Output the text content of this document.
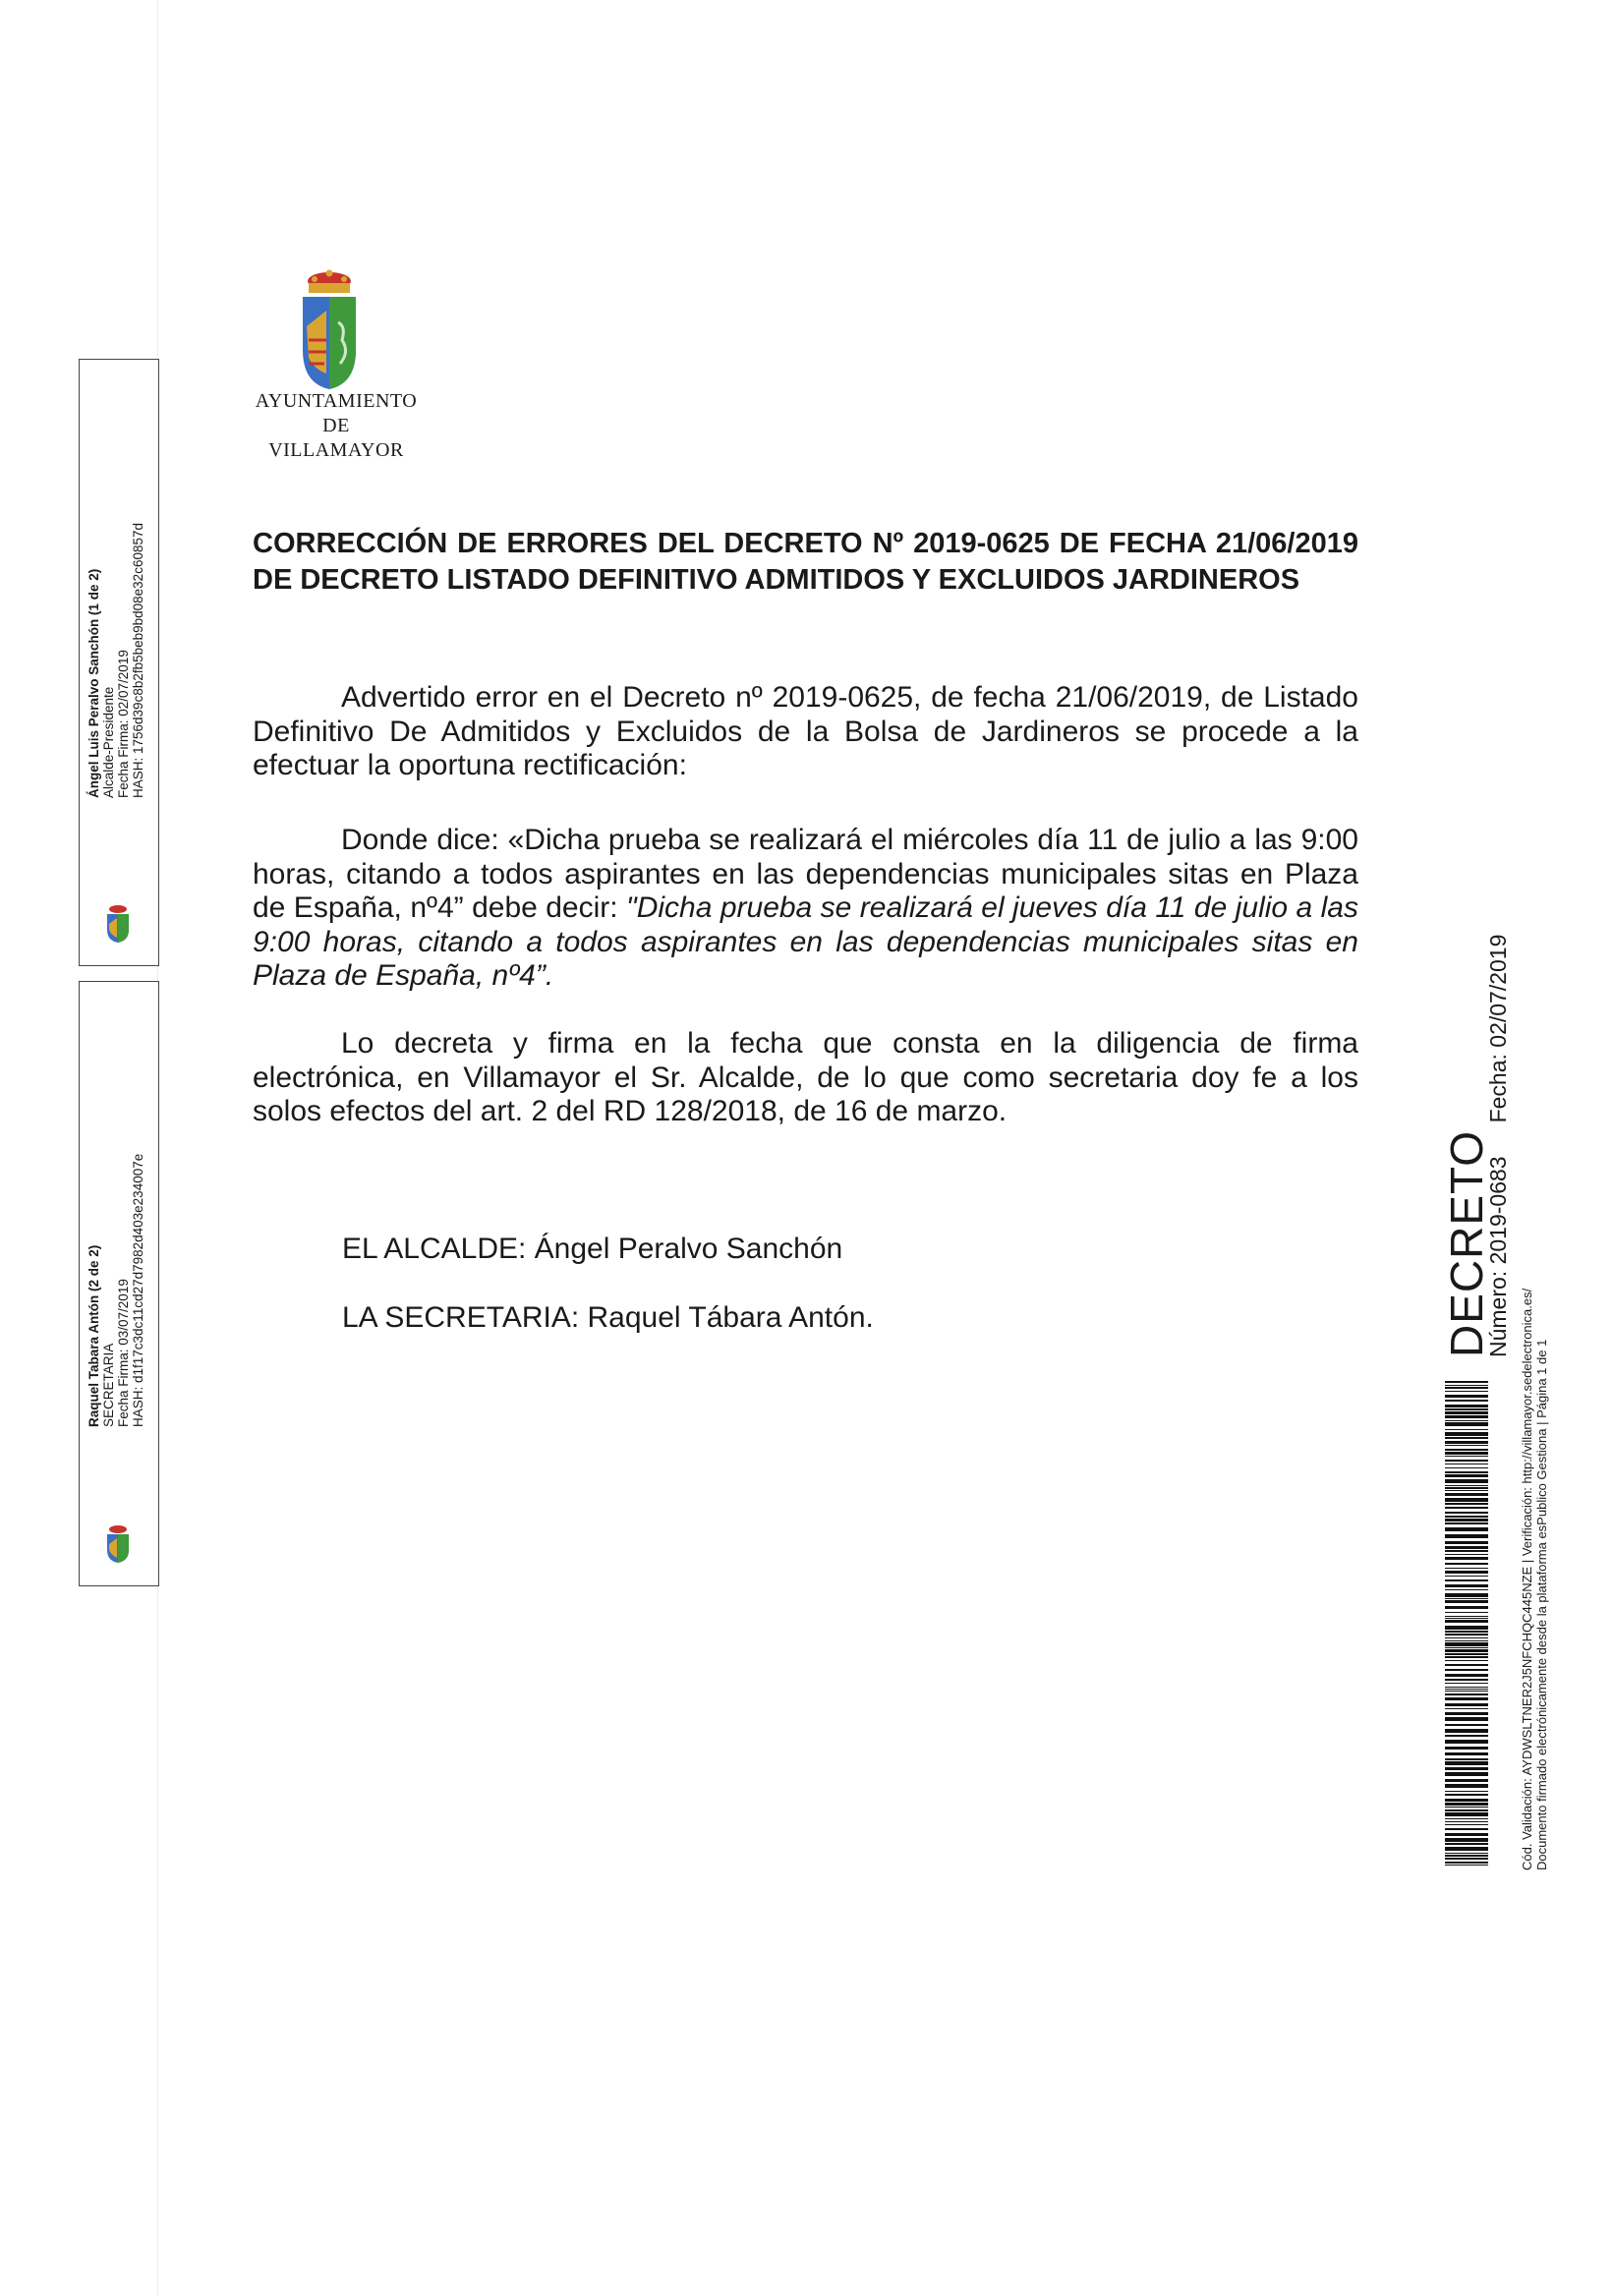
AYUNTAMIENTO
DE
VILLAMAYOR
CORRECCIÓN DE ERRORES DEL DECRETO Nº 2019-0625 DE FECHA 21/06/2019 DE DECRETO LISTADO DEFINITIVO ADMITIDOS Y EXCLUIDOS JARDINEROS

Advertido error en el Decreto nº 2019-0625, de fecha 21/06/2019, de Listado Definitivo De Admitidos y Excluidos de la Bolsa de Jardineros se procede a la efectuar la oportuna rectificación:

Donde dice: «Dicha prueba se realizará el miércoles día 11 de julio a las 9:00 horas, citando a todos aspirantes en las dependencias municipales sitas en Plaza de España, nº4” debe decir: "Dicha prueba se realizará el jueves día 11 de julio a las 9:00 horas, citando a todos aspirantes en las dependencias municipales sitas en Plaza de España, nº4”.

Lo decreta y firma en la fecha que consta en la diligencia de firma electrónica, en Villamayor el Sr. Alcalde, de lo que como secretaria doy fe a los solos efectos del art. 2 del RD 128/2018, de 16 de marzo.

EL ALCALDE: Ángel Peralvo Sanchón

LA SECRETARIA: Raquel Tábara Antón.

Ángel Luis Peralvo Sanchón (1 de 2) Alcalde-Presidente Fecha Firma: 02/07/2019 HASH: 1756d39c8b2fb5beb9bd08e32c60857d
Raquel Tabara Antón (2 de 2) SECRETARIA Fecha Firma: 03/07/2019 HASH: d1f17c3dc11cd27d7982d403e234007e	DECRETO
Número: 2019-0683Fecha: 02/07/2019
Cód. Validación: AYDWSLTNER2J5NFCHQC445NZE | Verificación: http://villamayor.sedelectronica.es/ Documento firmado electrónicamente desde la plataforma esPublico Gestiona | Página 1 de 1
